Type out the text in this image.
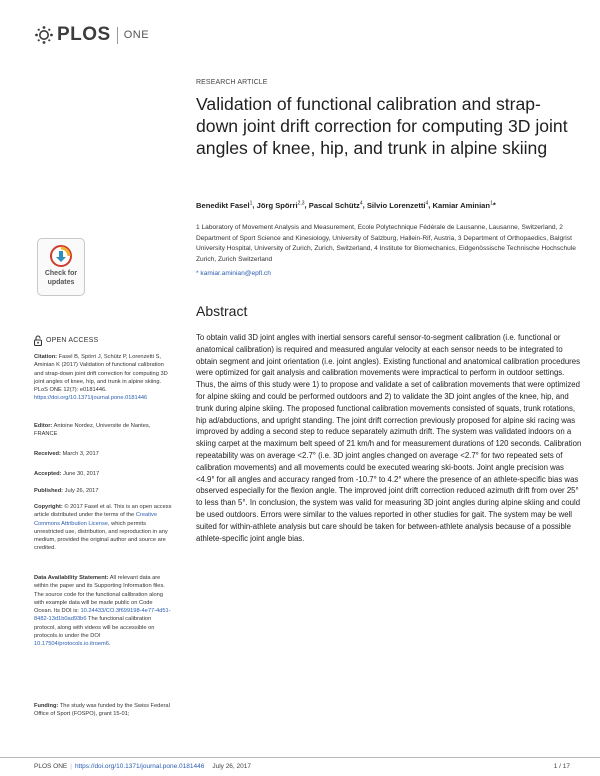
PLOS ONE
RESEARCH ARTICLE
Validation of functional calibration and strap-down joint drift correction for computing 3D joint angles of knee, hip, and trunk in alpine skiing
Benedikt Fasel$^1$, Jörg Spörri$^{2,3}$, Pascal Schütz$^4$, Silvio Lorenzetti$^4$, Kamiar Aminian$^1$*
1 Laboratory of Movement Analysis and Measurement, Ecole Polytechnique Fédérale de Lausanne, Lausanne, Switzerland, 2 Department of Sport Science and Kinesiology, University of Salzburg, Hallein-Rif, Austria, 3 Department of Orthopaedics, Balgrist University Hospital, University of Zurich, Zurich, Switzerland, 4 Institute for Biomechanics, Eidgenössische Technische Hochschule Zurich, Zurich Switzerland
* kamiar.aminian@epfl.ch
Abstract
To obtain valid 3D joint angles with inertial sensors careful sensor-to-segment calibration (i.e. functional or anatomical calibration) is required and measured angular velocity at each sensor needs to be integrated to obtain segment and joint orientation (i.e. joint angles). Existing functional and anatomical calibration procedures were optimized for gait analysis and calibration movements were impractical to perform in outdoor settings. Thus, the aims of this study were 1) to propose and validate a set of calibration movements that were optimized for alpine skiing and could be performed outdoors and 2) to validate the 3D joint angles of the knee, hip, and trunk during alpine skiing. The proposed functional calibration movements consisted of squats, trunk rotations, hip ad/abductions, and upright standing. The joint drift correction previously proposed for alpine ski racing was improved by adding a second step to reduce separately azimuth drift. The system was validated indoors on a skiing carpet at the maximum belt speed of 21 km/h and for measurement durations of 120 seconds. Calibration repeatability was on average <2.7° (i.e. 3D joint angles changed on average <2.7° for two repeated sets of calibration movements) and all movements could be executed wearing ski-boots. Joint angle precision was <4.9° for all angles and accuracy ranged from -10.7° to 4.2° where the presence of an athlete-specific bias was observed especially for the flexion angle. The improved joint drift correction reduced azimuth drift from over 25° to less than 5°. In conclusion, the system was valid for measuring 3D joint angles during alpine skiing and could be used outdoors. Errors were similar to the values reported in other studies for gait. The system may be well suited for within-athlete analysis but care should be taken for between-athlete analysis because of a possible athlete-specific joint angle bias.
Check for
updates
OPEN ACCESS
Citation: Fasel B, Spörri J, Schütz P, Lorenzetti S, Aminian K (2017) Validation of functional calibration and strap-down joint drift correction for computing 3D joint angles of knee, hip, and trunk in alpine skiing. PLoS ONE 12(7): e0181446. https://doi.org/10.1371/journal.pone.0181446
Editor: Antoine Nordez, Universite de Nantes, FRANCE
Received: March 3, 2017
Accepted: June 30, 2017
Published: July 26, 2017
Copyright: © 2017 Fasel et al. This is an open access article distributed under the terms of the Creative Commons Attribution License, which permits unrestricted use, distribution, and reproduction in any medium, provided the original author and source are credited.
Data Availability Statement: All relevant data are within the paper and its Supporting Information files. The source code for the functional calibration along with example data will be made public on Code Ocean. Its DOI is: 10.24433/CO.3f699198-4e77-4d51-8482-13d1b0ad93b6 The functional calibration protocol, along with videos will be accessible on protocols.io under the DOI 10.17504/protocols.io.itroem6.
Funding: The study was funded by the Swiss Federal Office of Sport (FOSPO), grant 15-01;
PLOS ONE | https://doi.org/10.1371/journal.pone.0181446 July 26, 2017	1 / 17
